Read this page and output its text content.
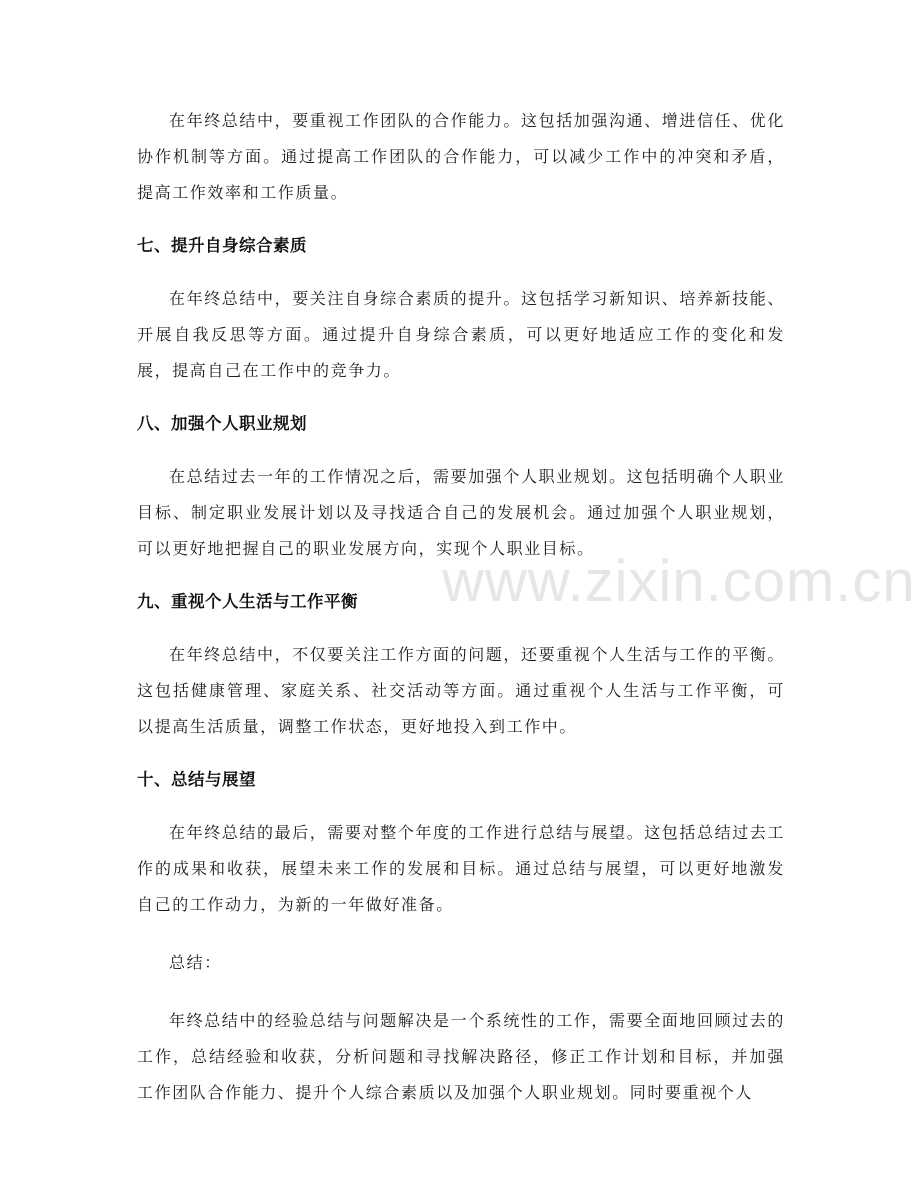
www.zixin.com.cn

在年终总结中，要重视工作团队的合作能力。这包括加强沟通、增进信任、优化协作机制等方面。通过提高工作团队的合作能力，可以减少工作中的冲突和矛盾，提高工作效率和工作质量。

七、提升自身综合素质

在年终总结中，要关注自身综合素质的提升。这包括学习新知识、培养新技能、开展自我反思等方面。通过提升自身综合素质，可以更好地适应工作的变化和发展，提高自己在工作中的竞争力。

八、加强个人职业规划

在总结过去一年的工作情况之后，需要加强个人职业规划。这包括明确个人职业目标、制定职业发展计划以及寻找适合自己的发展机会。通过加强个人职业规划，可以更好地把握自己的职业发展方向，实现个人职业目标。

九、重视个人生活与工作平衡

在年终总结中，不仅要关注工作方面的问题，还要重视个人生活与工作的平衡。这包括健康管理、家庭关系、社交活动等方面。通过重视个人生活与工作平衡，可以提高生活质量，调整工作状态，更好地投入到工作中。

十、总结与展望

在年终总结的最后，需要对整个年度的工作进行总结与展望。这包括总结过去工作的成果和收获，展望未来工作的发展和目标。通过总结与展望，可以更好地激发自己的工作动力，为新的一年做好准备。

总结：

年终总结中的经验总结与问题解决是一个系统性的工作，需要全面地回顾过去的工作，总结经验和收获，分析问题和寻找解决路径，修正工作计划和目标，并加强工作团队合作能力、提升个人综合素质以及加强个人职业规划。同时要重视个人
